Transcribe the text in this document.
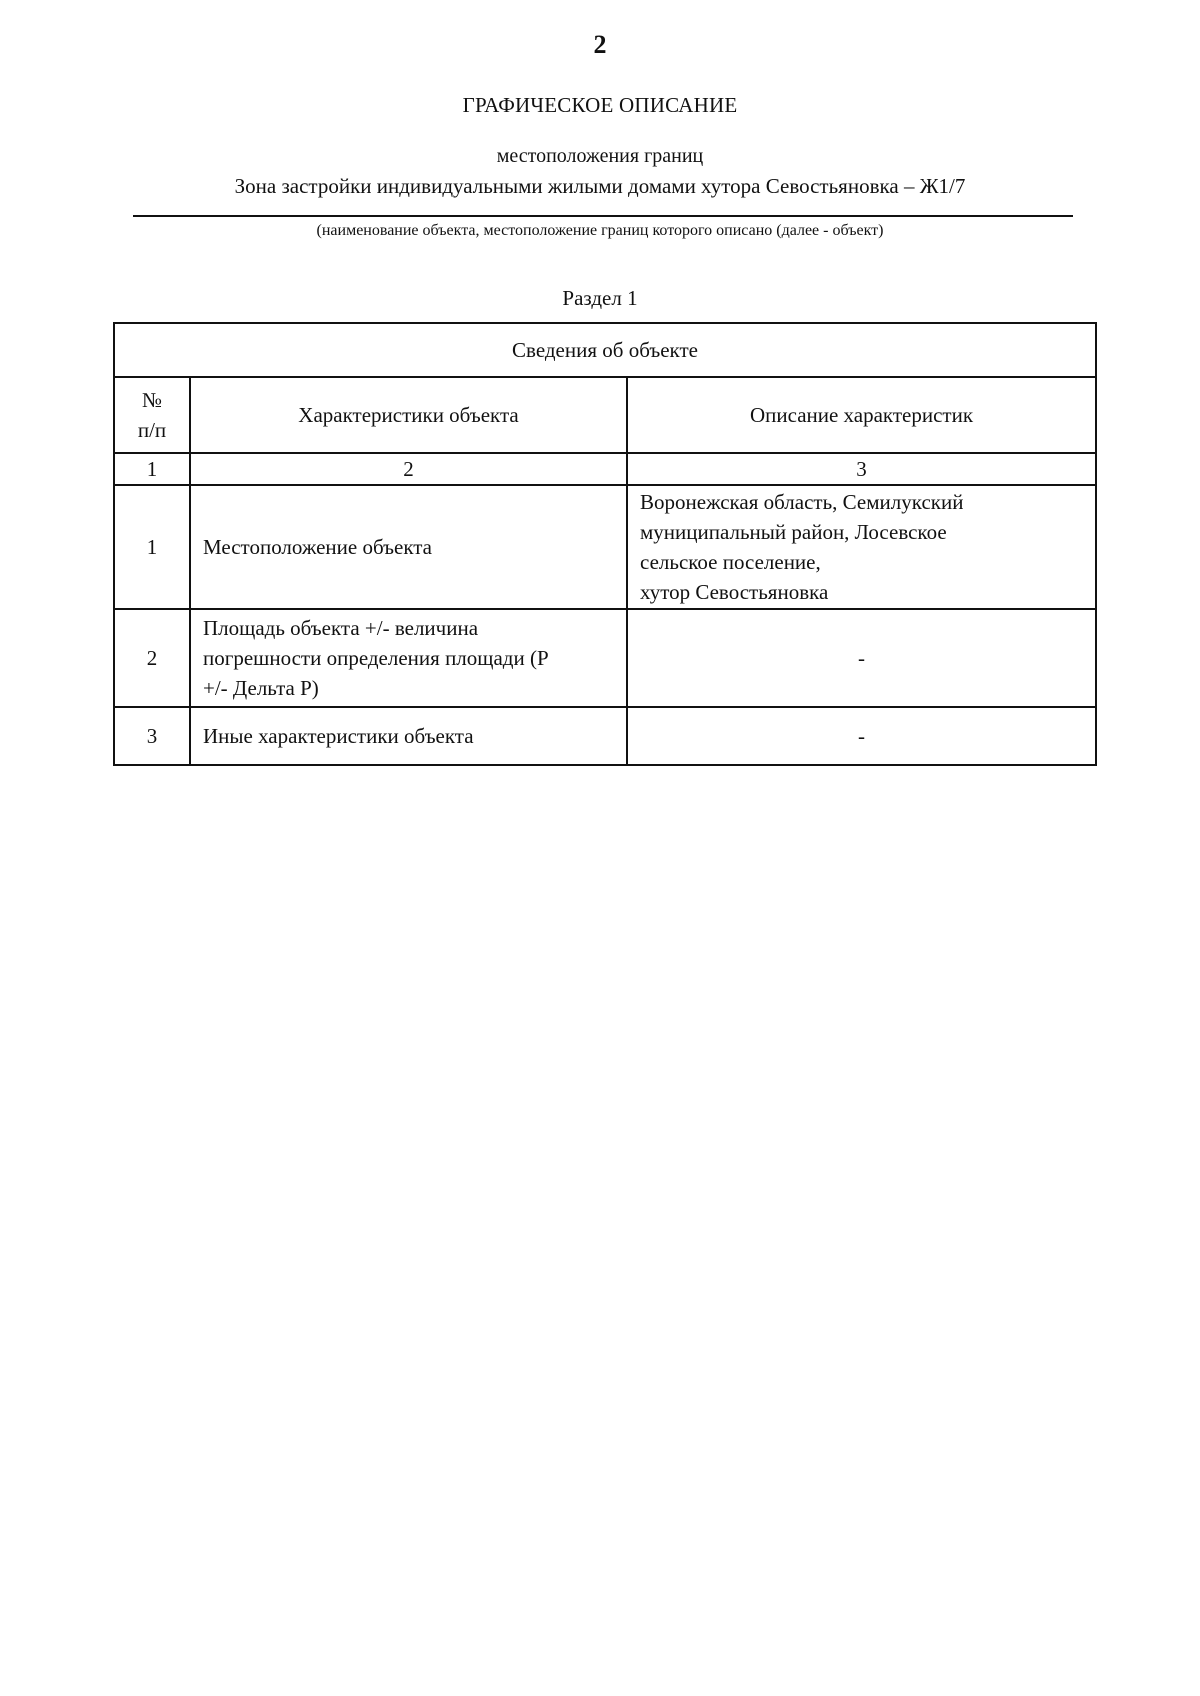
2
ГРАФИЧЕСКОЕ ОПИСАНИЕ
местоположения границ
Зона застройки индивидуальными жилыми домами хутора Севостьяновка – Ж1/7
(наименование объекта, местоположение границ которого описано (далее - объект)
Раздел 1
Сведения об объекте		
№
п/п	Характеристики объекта	Описание характеристик
1	2	3
1	Местоположение объекта	Воронежская область, Семилукский
муниципальный район, Лосевское
сельское поселение,
хутор Севостьяновка
2	Площадь объекта +/- величина
погрешности определения площади (Р
+/- Дельта Р)	-
3	Иные характеристики объекта	-
